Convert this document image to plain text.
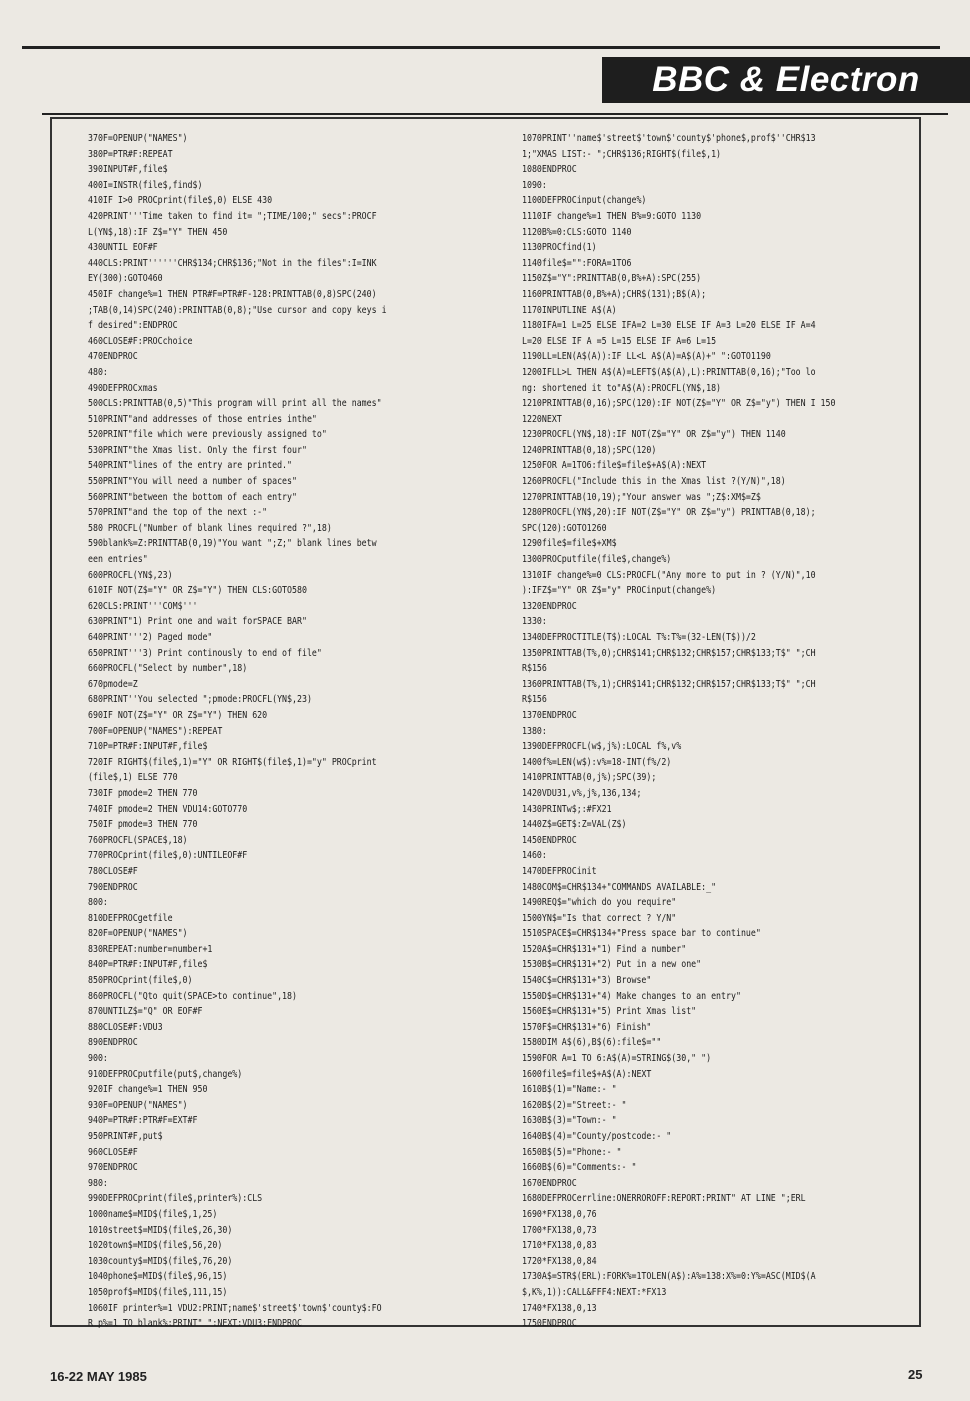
BBC & Electron
370F=OPENUP("NAMES")
380P=PTR#F:REPEAT
390INPUT#F,file$
400I=INSTR(file$,find$)
410IF I>0 PROCprint(file$,0) ELSE 430
420PRINT'''Time taken to find it= ";TIME/100;" secs":PROCF
L(YN$,18):IF Z$="Y" THEN 450
430UNTIL EOF#F
440CLS:PRINT''''''CHR$134;CHR$136;"Not in the files":I=INK
EY(300):GOTO460
450IF change%=1 THEN PTR#F=PTR#F-128:PRINTTAB(0,8)SPC(240)
;TAB(0,14)SPC(240):PRINTTAB(0,8);"Use cursor and copy keys i
f desired":ENDPROC
460CLOSE#F:PROCchoice
470ENDPROC
480:
490DEFPROCxmas
500CLS:PRINTTAB(0,5)"This program will print all the names"
510PRINT"and addresses of those entries inthe"
520PRINT"file which were previously assigned to"
530PRINT"the Xmas list. Only the first four"
540PRINT"lines of the entry are printed."
550PRINT"You will need a number of spaces"
560PRINT"between the bottom of each entry"
570PRINT"and the top of the next :-"
580 PROCFL("Number of blank lines required ?",18)
590blank%=Z:PRINTTAB(0,19)"You want ";Z;" blank lines betw
een entries"
600PROCFL(YN$,23)
610IF NOT(Z$="Y" OR Z$="Y") THEN CLS:GOTO580
620CLS:PRINT'''COM$'''
630PRINT"1) Print one and wait forSPACE BAR"
640PRINT'''2) Paged mode"
650PRINT'''3) Print continously to end of file"
660PROCFL("Select by number",18)
670pmode=Z
680PRINT''You selected ";pmode:PROCFL(YN$,23)
690IF NOT(Z$="Y" OR Z$="Y") THEN 620
700F=OPENUP("NAMES"):REPEAT
710P=PTR#F:INPUT#F,file$
720IF RIGHT$(file$,1)="Y" OR RIGHT$(file$,1)="y" PROCprint
(file$,1) ELSE 770
730IF pmode=2 THEN 770
740IF pmode=2 THEN VDU14:GOTO770
750IF pmode=3 THEN 770
760PROCFL(SPACE$,18)
770PROCprint(file$,0):UNTILEOF#F
780CLOSE#F
790ENDPROC
800:
810DEFPROCgetfile
820F=OPENUP("NAMES")
830REPEAT:number=number+1
840P=PTR#F:INPUT#F,file$
850PROCprint(file$,0)
860PROCFL("Qto quit(SPACE>to continue",18)
870UNTILZ$="Q" OR EOF#F
880CLOSE#F:VDU3
890ENDPROC
900:
910DEFPROCputfile(put$,change%)
920IF change%=1 THEN 950
930F=OPENUP("NAMES")
940P=PTR#F:PTR#F=EXT#F
950PRINT#F,put$
960CLOSE#F
970ENDPROC
980:
990DEFPROCprint(file$,printer%):CLS
1000name$=MID$(file$,1,25)
1010street$=MID$(file$,26,30)
1020town$=MID$(file$,56,20)
1030county$=MID$(file$,76,20)
1040phone$=MID$(file$,96,15)
1050prof$=MID$(file$,111,15)
1060IF printer%=1 VDU2:PRINT;name$'street$'town$'county$:FO
R p%=1 TO blank%:PRINT" ":NEXT:VDU3:ENDPROC
1070PRINT''name$'street$'town$'county$'phone$,prof$''CHR$13
1;"XMAS LIST:- ";CHR$136;RIGHT$(file$,1)
1080ENDPROC
1090:
1100DEFPROCinput(change%)
1110IF change%=1 THEN B%=9:GOTO 1130
1120B%=0:CLS:GOTO 1140
1130PROCfind(1)
1140file$="":FORA=1TO6
1150Z$="Y":PRINTTAB(0,B%+A):SPC(255)
1160PRINTTAB(0,B%+A);CHR$(131);B$(A);
1170INPUTLINE A$(A)
1180IFA=1 L=25 ELSE IFA=2 L=30 ELSE IF A=3 L=20 ELSE IF A=4
L=20 ELSE IF A =5 L=15 ELSE IF A=6 L=15
1190LL=LEN(A$(A)):IF LL<L A$(A)=A$(A)+" ":GOTO1190
1200IFLL>L THEN A$(A)=LEFT$(A$(A),L):PRINTTAB(0,16);"Too lo
ng: shortened it to"A$(A):PROCFL(YN$,18)
1210PRINTTAB(0,16);SPC(120):IF NOT(Z$="Y" OR Z$="y") THEN I 150
1220NEXT
1230PROCFL(YN$,18):IF NOT(Z$="Y" OR Z$="y") THEN 1140
1240PRINTTAB(0,18);SPC(120)
1250FOR A=1TO6:file$=file$+A$(A):NEXT
1260PROCFL("Include this in the Xmas list ?(Y/N)",18)
1270PRINTTAB(10,19);"Your answer was ";Z$:XM$=Z$
1280PROCFL(YN$,20):IF NOT(Z$="Y" OR Z$="y") PRINTTAB(0,18);
SPC(120):GOTO1260
1290file$=file$+XM$
1300PROCputfile(file$,change%)
1310IF change%=0 CLS:PROCFL("Any more to put in ? (Y/N)",10
):IFZ$="Y" OR Z$="y" PROCinput(change%)
1320ENDPROC
1330:
1340DEFPROCTITLE(T$):LOCAL T%:T%=(32-LEN(T$))/2
1350PRINTTAB(T%,0);CHR$141;CHR$132;CHR$157;CHR$133;T$" ";CH
R$156
1360PRINTTAB(T%,1);CHR$141;CHR$132;CHR$157;CHR$133;T$" ";CH
R$156
1370ENDPROC
1380:
1390DEFPROCFL(w$,j%):LOCAL f%,v%
1400f%=LEN(w$):v%=18-INT(f%/2)
1410PRINTTAB(0,j%);SPC(39);
1420VDU31,v%,j%,136,134;
1430PRINTw$;:#FX21
1440Z$=GET$:Z=VAL(Z$)
1450ENDPROC
1460:
1470DEFPROCinit
1480COM$=CHR$134+"COMMANDS AVAILABLE:_"
1490REQ$="which do you require"
1500YN$="Is that correct ? Y/N"
1510SPACE$=CHR$134+"Press space bar to continue"
1520A$=CHR$131+"1) Find a number"
1530B$=CHR$131+"2) Put in a new one"
1540C$=CHR$131+"3) Browse"
1550D$=CHR$131+"4) Make changes to an entry"
1560E$=CHR$131+"5) Print Xmas list"
1570F$=CHR$131+"6) Finish"
1580DIM A$(6),B$(6):file$=""
1590FOR A=1 TO 6:A$(A)=STRING$(30," ")
1600file$=file$+A$(A):NEXT
1610B$(1)="Name:- "
1620B$(2)="Street:- "
1630B$(3)="Town:- "
1640B$(4)="County/postcode:- "
1650B$(5)="Phone:- "
1660B$(6)="Comments:- "
1670ENDPROC
1680DEFPROCerrline:ONERROROFF:REPORT:PRINT" AT LINE ";ERL
1690*FX138,0,76
1700*FX138,0,73
1710*FX138,0,83
1720*FX138,0,84
1730A$=STR$(ERL):FORK%=1TOLEN(A$):A%=138:X%=0:Y%=ASC(MID$(A
$,K%,1)):CALL&FFF4:NEXT:*FX13
1740*FX138,0,13
1750ENDPROC
16-22 MAY 1985	25
